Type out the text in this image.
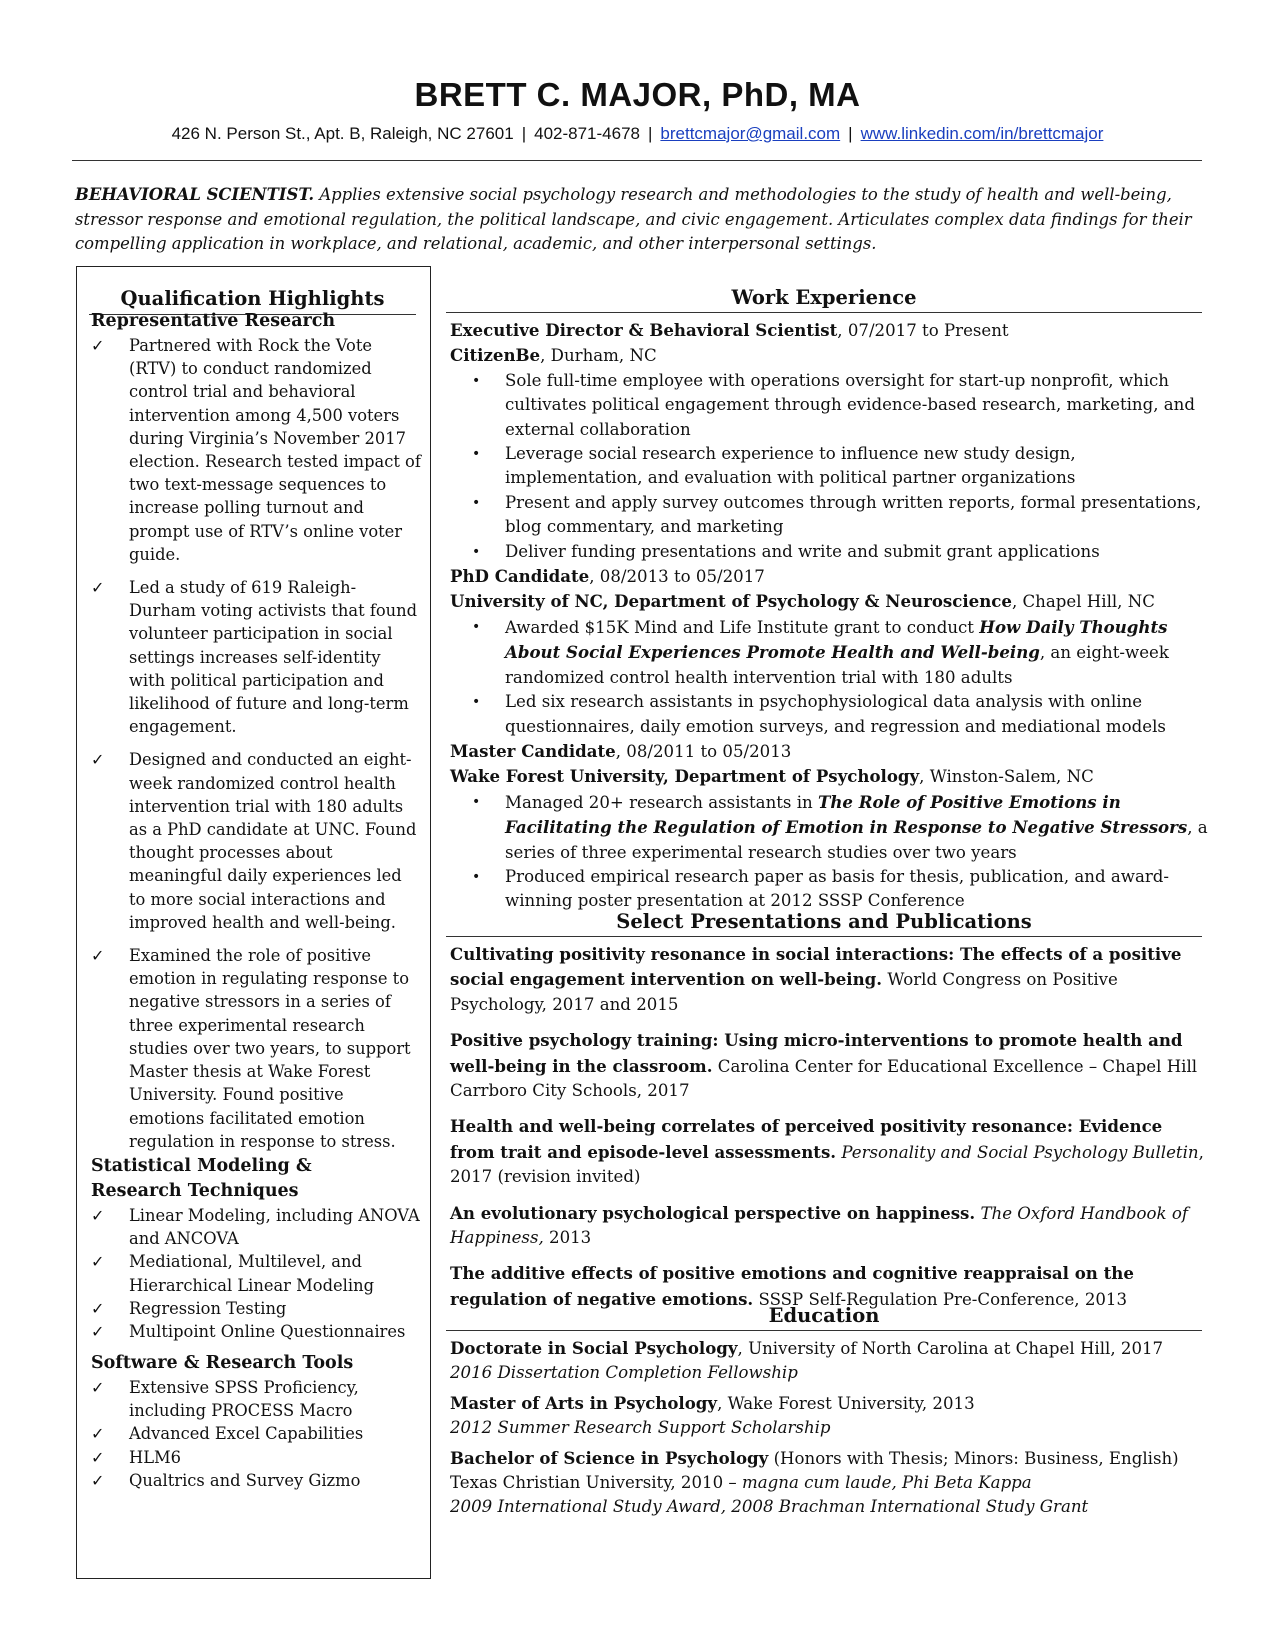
BRETT C. MAJOR, PhD, MA
426 N. Person St., Apt. B, Raleigh, NC 27601 | 402-871-4678 | brettcmajor@gmail.com | www.linkedin.com/in/brettcmajor
BEHAVIORAL SCIENTIST. Applies extensive social psychology research and methodologies to the study of health and well-being, stressor response and emotional regulation, the political landscape, and civic engagement. Articulates complex data findings for their compelling application in workplace, and relational, academic, and other interpersonal settings.
Qualification Highlights
Representative Research
✓ Partnered with Rock the Vote (RTV) to conduct randomized control trial and behavioral intervention among 4,500 voters during Virginia’s November 2017 election. Research tested impact of two text-message sequences to increase polling turnout and prompt use of RTV’s online voter guide.
✓ Led a study of 619 Raleigh-Durham voting activists that found volunteer participation in social settings increases self-identity with political participation and likelihood of future and long-term engagement.
✓ Designed and conducted an eight-week randomized control health intervention trial with 180 adults as a PhD candidate at UNC. Found thought processes about meaningful daily experiences led to more social interactions and improved health and well-being.
✓ Examined the role of positive emotion in regulating response to negative stressors in a series of three experimental research studies over two years, to support Master thesis at Wake Forest University. Found positive emotions facilitated emotion regulation in response to stress.
Statistical Modeling &
Research Techniques
✓ Linear Modeling, including ANOVA and ANCOVA
✓ Mediational, Multilevel, and Hierarchical Linear Modeling
✓ Regression Testing
✓ Multipoint Online Questionnaires
Software & Research Tools
✓ Extensive SPSS Proficiency, including PROCESS Macro
✓ Advanced Excel Capabilities
✓ HLM6
✓ Qualtrics and Survey Gizmo
Work Experience
Executive Director & Behavioral Scientist, 07/2017 to Present
CitizenBe, Durham, NC
• Sole full-time employee with operations oversight for start-up nonprofit, which cultivates political engagement through evidence-based research, marketing, and external collaboration
• Leverage social research experience to influence new study design, implementation, and evaluation with political partner organizations
• Present and apply survey outcomes through written reports, formal presentations, blog commentary, and marketing
• Deliver funding presentations and write and submit grant applications
PhD Candidate, 08/2013 to 05/2017
University of NC, Department of Psychology & Neuroscience, Chapel Hill, NC
• Awarded $15K Mind and Life Institute grant to conduct How Daily Thoughts About Social Experiences Promote Health and Well-being, an eight-week randomized control health intervention trial with 180 adults
• Led six research assistants in psychophysiological data analysis with online questionnaires, daily emotion surveys, and regression and mediational models
Master Candidate, 08/2011 to 05/2013
Wake Forest University, Department of Psychology, Winston-Salem, NC
• Managed 20+ research assistants in The Role of Positive Emotions in Facilitating the Regulation of Emotion in Response to Negative Stressors, a series of three experimental research studies over two years
• Produced empirical research paper as basis for thesis, publication, and award-winning poster presentation at 2012 SSSP Conference
Select Presentations and Publications
Cultivating positivity resonance in social interactions: The effects of a positive social engagement intervention on well-being. World Congress on Positive Psychology, 2017 and 2015
Positive psychology training: Using micro-interventions to promote health and well-being in the classroom. Carolina Center for Educational Excellence – Chapel Hill Carrboro City Schools, 2017
Health and well-being correlates of perceived positivity resonance: Evidence from trait and episode-level assessments. Personality and Social Psychology Bulletin, 2017 (revision invited)
An evolutionary psychological perspective on happiness. The Oxford Handbook of Happiness, 2013
The additive effects of positive emotions and cognitive reappraisal on the regulation of negative emotions. SSSP Self-Regulation Pre-Conference, 2013
Education
Doctorate in Social Psychology, University of North Carolina at Chapel Hill, 2017
2016 Dissertation Completion Fellowship
Master of Arts in Psychology, Wake Forest University, 2013
2012 Summer Research Support Scholarship
Bachelor of Science in Psychology (Honors with Thesis; Minors: Business, English)
Texas Christian University, 2010 – magna cum laude, Phi Beta Kappa
2009 International Study Award, 2008 Brachman International Study Grant
